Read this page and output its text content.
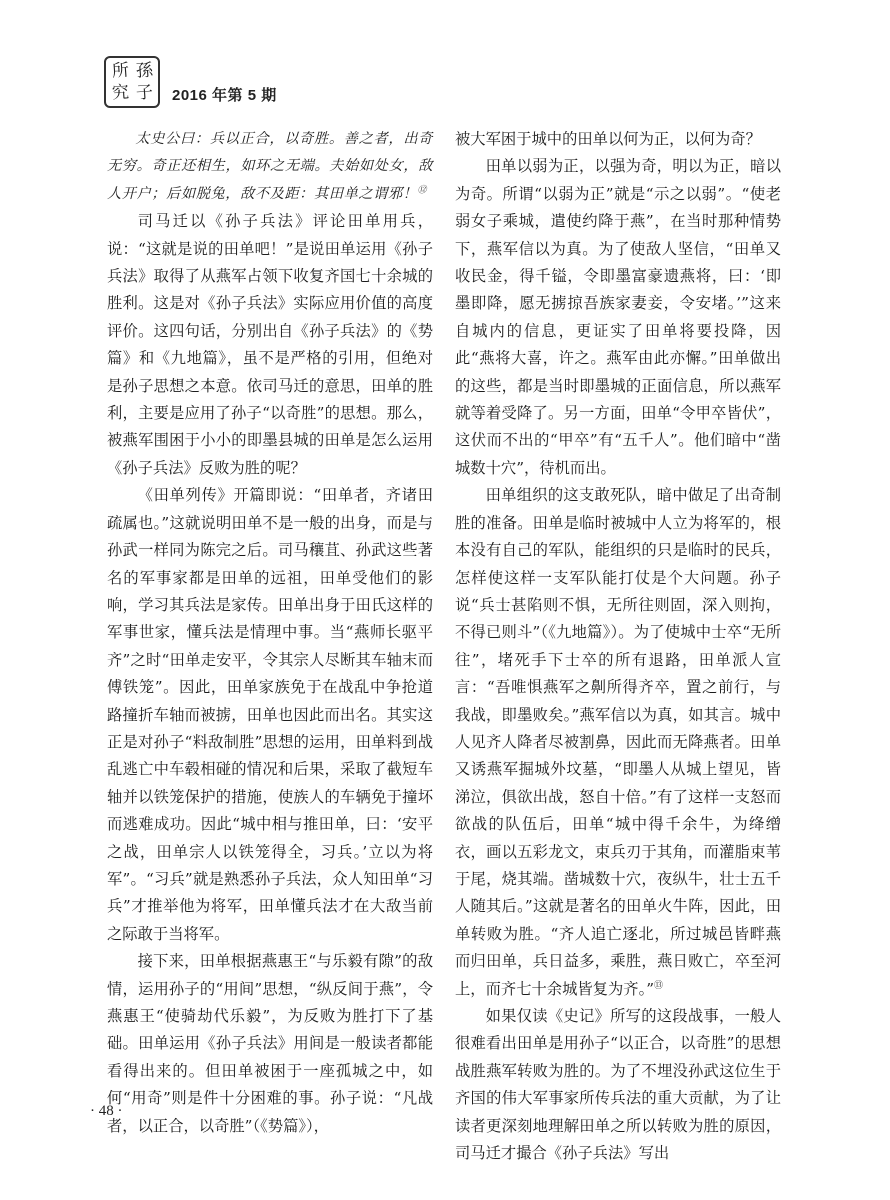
所 孫
究 子 2016 年第 5 期

太史公曰：兵以正合，以奇胜。善之者，出奇无穷。奇正还相生，如环之无端。夫始如处女，敌人开户；后如脱兔，敌不及距：其田单之谓邪！⑫

司马迁以《孙子兵法》评论田单用兵，说：“这就是说的田单吧！”是说田单运用《孙子兵法》取得了从燕军占领下收复齐国七十余城的胜利。这是对《孙子兵法》实际应用价值的高度评价。这四句话，分别出自《孙子兵法》的《势篇》和《九地篇》，虽不是严格的引用，但绝对是孙子思想之本意。依司马迁的意思，田单的胜利，主要是应用了孙子“以奇胜”的思想。那么，被燕军围困于小小的即墨县城的田单是怎么运用《孙子兵法》反败为胜的呢？

《田单列传》开篇即说：“田单者，齐诸田疏属也。”这就说明田单不是一般的出身，而是与孙武一样同为陈完之后。司马穰苴、孙武这些著名的军事家都是田单的远祖，田单受他们的影响，学习其兵法是家传。田单出身于田氏这样的军事世家，懂兵法是情理中事。当“燕师长驱平齐”之时“田单走安平，令其宗人尽断其车轴末而傅铁笼”。因此，田单家族免于在战乱中争抢道路撞折车轴而被掳，田单也因此而出名。其实这正是对孙子“料敌制胜”思想的运用，田单料到战乱逃亡中车毂相碰的情况和后果，采取了截短车轴并以铁笼保护的措施，使族人的车辆免于撞坏而逃难成功。因此“城中相与推田单，曰：‘安平之战，田单宗人以铁笼得全，习兵。’立以为将军”。“习兵”就是熟悉孙子兵法，众人知田单“习兵”才推举他为将军，田单懂兵法才在大敌当前之际敢于当将军。

接下来，田单根据燕惠王“与乐毅有隙”的敌情，运用孙子的“用间”思想，“纵反间于燕”，令燕惠王“使骑劫代乐毅”，为反败为胜打下了基础。田单运用《孙子兵法》用间是一般读者都能看得出来的。但田单被困于一座孤城之中，如何“用奇”则是件十分困难的事。孙子说：“凡战者，以正合，以奇胜”（《势篇》），

被大军困于城中的田单以何为正，以何为奇？

田单以弱为正，以强为奇，明以为正，暗以为奇。所谓“以弱为正”就是“示之以弱”。“使老弱女子乘城，遣使约降于燕”，在当时那种情势下，燕军信以为真。为了使敌人坚信，“田单又收民金，得千镒，令即墨富豪遗燕将，曰：‘即墨即降，愿无掳掠吾族家妻妾，令安堵。’”这来自城内的信息，更证实了田单将要投降，因此“燕将大喜，许之。燕军由此亦懈。”田单做出的这些，都是当时即墨城的正面信息，所以燕军就等着受降了。另一方面，田单“令甲卒皆伏”，这伏而不出的“甲卒”有“五千人”。他们暗中“凿城数十穴”，待机而出。

田单组织的这支敢死队，暗中做足了出奇制胜的准备。田单是临时被城中人立为将军的，根本没有自己的军队，能组织的只是临时的民兵，怎样使这样一支军队能打仗是个大问题。孙子说“兵士甚陷则不惧，无所往则固，深入则拘，不得已则斗”（《九地篇》）。为了使城中士卒“无所往”，堵死手下士卒的所有退路，田单派人宣言：“吾唯惧燕军之劓所得齐卒，置之前行，与我战，即墨败矣。”燕军信以为真，如其言。城中人见齐人降者尽被割鼻，因此而无降燕者。田单又诱燕军掘城外坟墓，“即墨人从城上望见，皆涕泣，俱欲出战，怒自十倍。”有了这样一支怒而欲战的队伍后，田单“城中得千余牛，为绛缯衣，画以五彩龙文，束兵刃于其角，而灌脂束苇于尾，烧其端。凿城数十穴，夜纵牛，壮士五千人随其后。”这就是著名的田单火牛阵，因此，田单转败为胜。“齐人追亡逐北，所过城邑皆畔燕而归田单，兵日益多，乘胜，燕日败亡，卒至河上，而齐七十余城皆复为齐。”⑬

如果仅读《史记》所写的这段战事，一般人很难看出田单是用孙子“以正合，以奇胜”的思想战胜燕军转败为胜的。为了不埋没孙武这位生于齐国的伟大军事家所传兵法的重大贡献，为了让读者更深刻地理解田单之所以转败为胜的原因，司马迁才撮合《孙子兵法》写出

· 48 ·
